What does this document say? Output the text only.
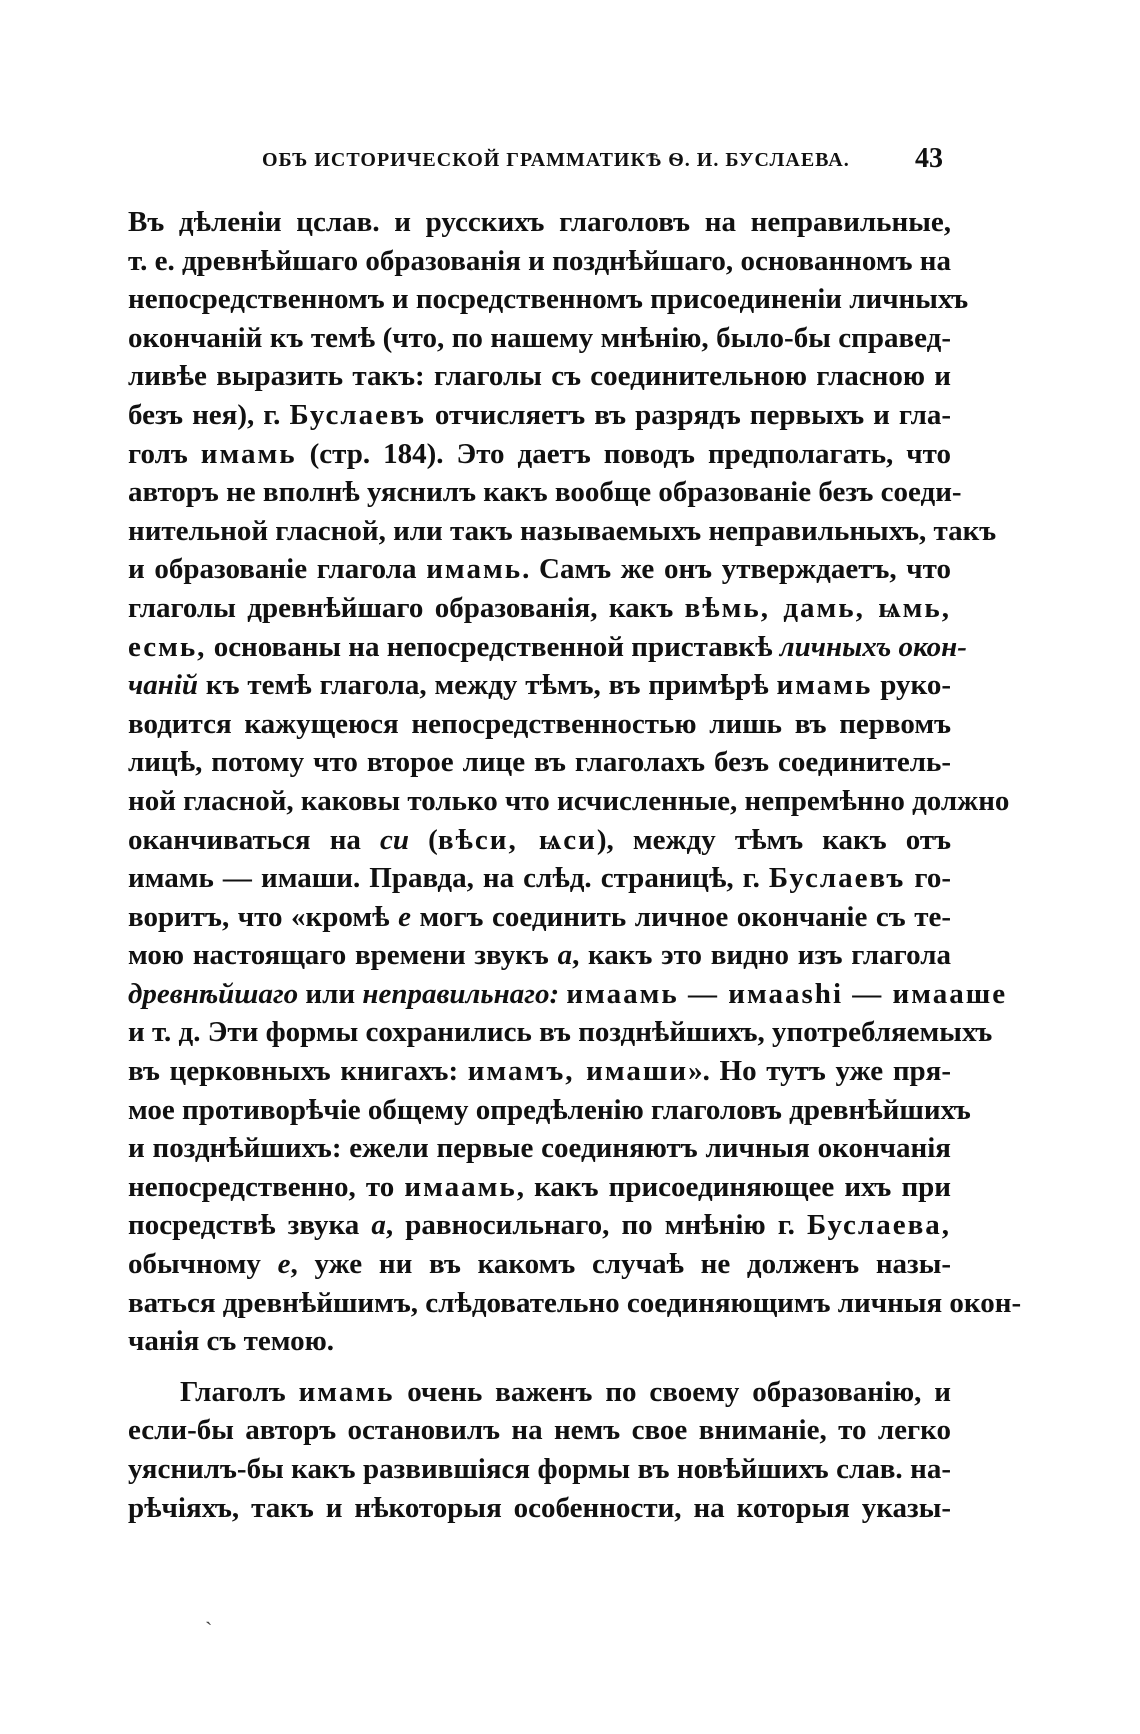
ОБЪ ИСТОРИЧЕСКОЙ ГРАММАТИКѢ Ѳ. И. БУСЛАЕВА. 43
Въ дѣленіи цслав. и русскихъ глаголовъ на неправильные,
т. е. древнѣйшаго образованія и позднѣйшаго, основанномъ на
непосредственномъ и посредственномъ присоединеніи личныхъ
окончаній къ темѣ (что, по нашему мнѣнію, было-бы справед-
ливѣе выразить такъ: глаголы съ соединительною гласною и
безъ нея), г. Буслаевъ отчисляетъ въ разрядъ первыхъ и гла-
голъ имамь (стр. 184). Это даетъ поводъ предполагать, что
авторъ не вполнѣ уяснилъ какъ вообще образованіе безъ соеди-
нительной гласной, или такъ называемыхъ неправильныхъ, такъ
и образованіе глагола имамь. Самъ же онъ утверждаетъ, что
глаголы древнѣйшаго образованія, какъ вѣмь, дамь, ѩмь,
есмь, основаны на непосредственной приставкѣ личныхъ окон-
чаній къ темѣ глагола, между тѣмъ, въ примѣрѣ имамь руко-
водится кажущеюся непосредственностью лишь въ первомъ
лицѣ, потому что второе лице въ глаголахъ безъ соединитель-
ной гласной, каковы только что исчисленные, непремѣнно должно
оканчиваться на си (вѣси, ѩси), между тѣмъ какъ отъ
имамь — имаши. Правда, на слѣд. страницѣ, г. Буслаевъ го-
воритъ, что «кромѣ е могъ соединить личное окончаніе съ те-
мою настоящаго времени звукъ а, какъ это видно изъ глагола
древнѣйшаго или неправильнаго: имаамь — имаashi — имааше
и т. д. Эти формы сохранились въ позднѣйшихъ, употребляемыхъ
въ церковныхъ книгахъ: имамъ, имаши». Но тутъ уже пря-
мое противорѣчіе общему опредѣленію глаголовъ древнѣйшихъ
и позднѣйшихъ: ежели первые соединяютъ личныя окончанія
непосредственно, то имаамь, какъ присоединяющее ихъ при
посредствѣ звука а, равносильнаго, по мнѣнію г. Буслаева,
обычному е, уже ни въ какомъ случаѣ не долженъ назы-
ваться древнѣйшимъ, слѣдовательно соединяющимъ личныя окон-
чанія съ темою.
Глаголъ имамь очень важенъ по своему образованію, и
если-бы авторъ остановилъ на немъ свое вниманіе, то легко
уяснилъ-бы какъ развившіяся формы въ новѣйшихъ слав. на-
рѣчіяхъ, такъ и нѣкоторыя особенности, на которыя указы-
ˏ
